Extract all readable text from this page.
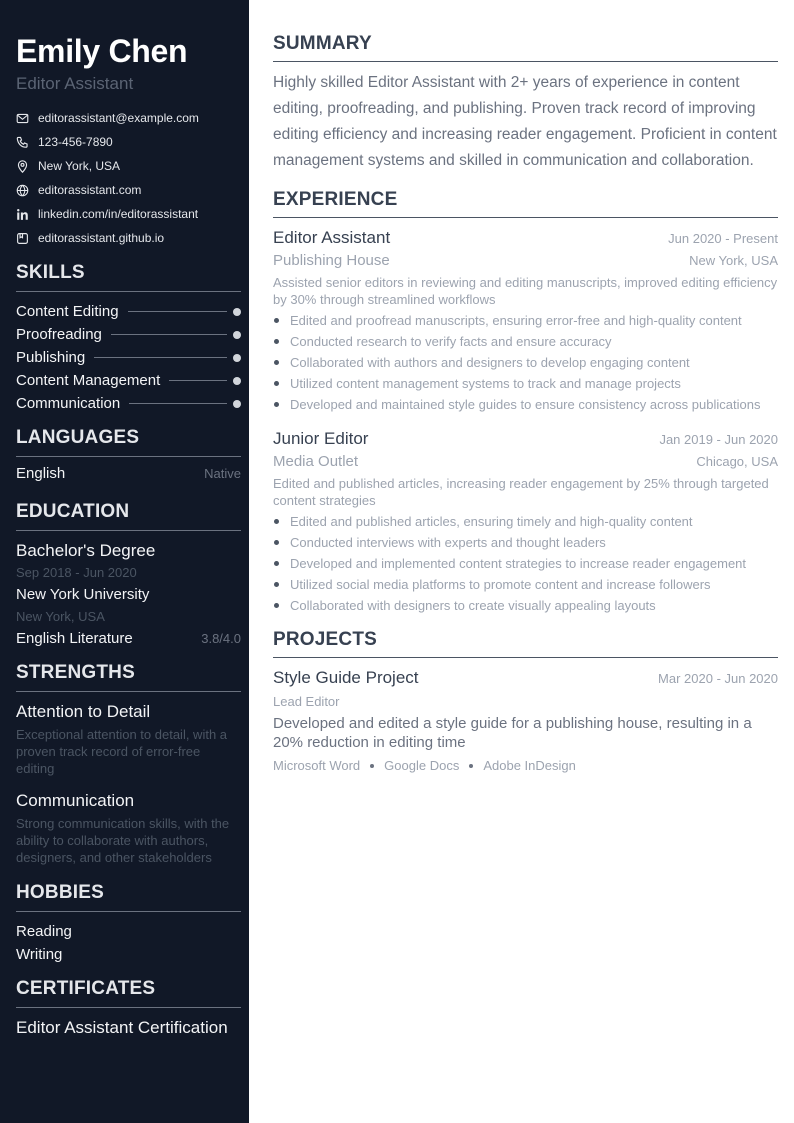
Emily Chen
Editor Assistant
editorassistant@example.com
123-456-7890
New York, USA
editorassistant.com
linkedin.com/in/editorassistant
editorassistant.github.io
SKILLS
Content Editing
Proofreading
Publishing
Content Management
Communication
LANGUAGES
English	Native
EDUCATION
Bachelor's Degree
Sep 2018 - Jun 2020
New York University
New York, USA
English Literature	3.8/4.0
STRENGTHS
Attention to Detail
Exceptional attention to detail, with a proven track record of error-free editing
Communication
Strong communication skills, with the ability to collaborate with authors, designers, and other stakeholders
HOBBIES
Reading
Writing
CERTIFICATES
Editor Assistant Certification
SUMMARY

Highly skilled Editor Assistant with 2+ years of experience in content editing, proofreading, and publishing. Proven track record of improving editing efficiency and increasing reader engagement. Proficient in content management systems and skilled in communication and collaboration.

EXPERIENCE
Editor Assistant	Jun 2020 - Present
Publishing House	New York, USA

Assisted senior editors in reviewing and editing manuscripts, improved editing efficiency by 30% through streamlined workflows

Edited and proofread manuscripts, ensuring error-free and high-quality content
Conducted research to verify facts and ensure accuracy
Collaborated with authors and designers to develop engaging content
Utilized content management systems to track and manage projects
Developed and maintained style guides to ensure consistency across publications
Junior Editor	Jan 2019 - Jun 2020
Media Outlet	Chicago, USA

Edited and published articles, increasing reader engagement by 25% through targeted content strategies

Edited and published articles, ensuring timely and high-quality content
Conducted interviews with experts and thought leaders
Developed and implemented content strategies to increase reader engagement
Utilized social media platforms to promote content and increase followers
Collaborated with designers to create visually appealing layouts
PROJECTS
Style Guide Project	Mar 2020 - Jun 2020
Lead Editor

Developed and edited a style guide for a publishing house, resulting in a 20% reduction in editing time

Microsoft Word Google Docs Adobe InDesign
